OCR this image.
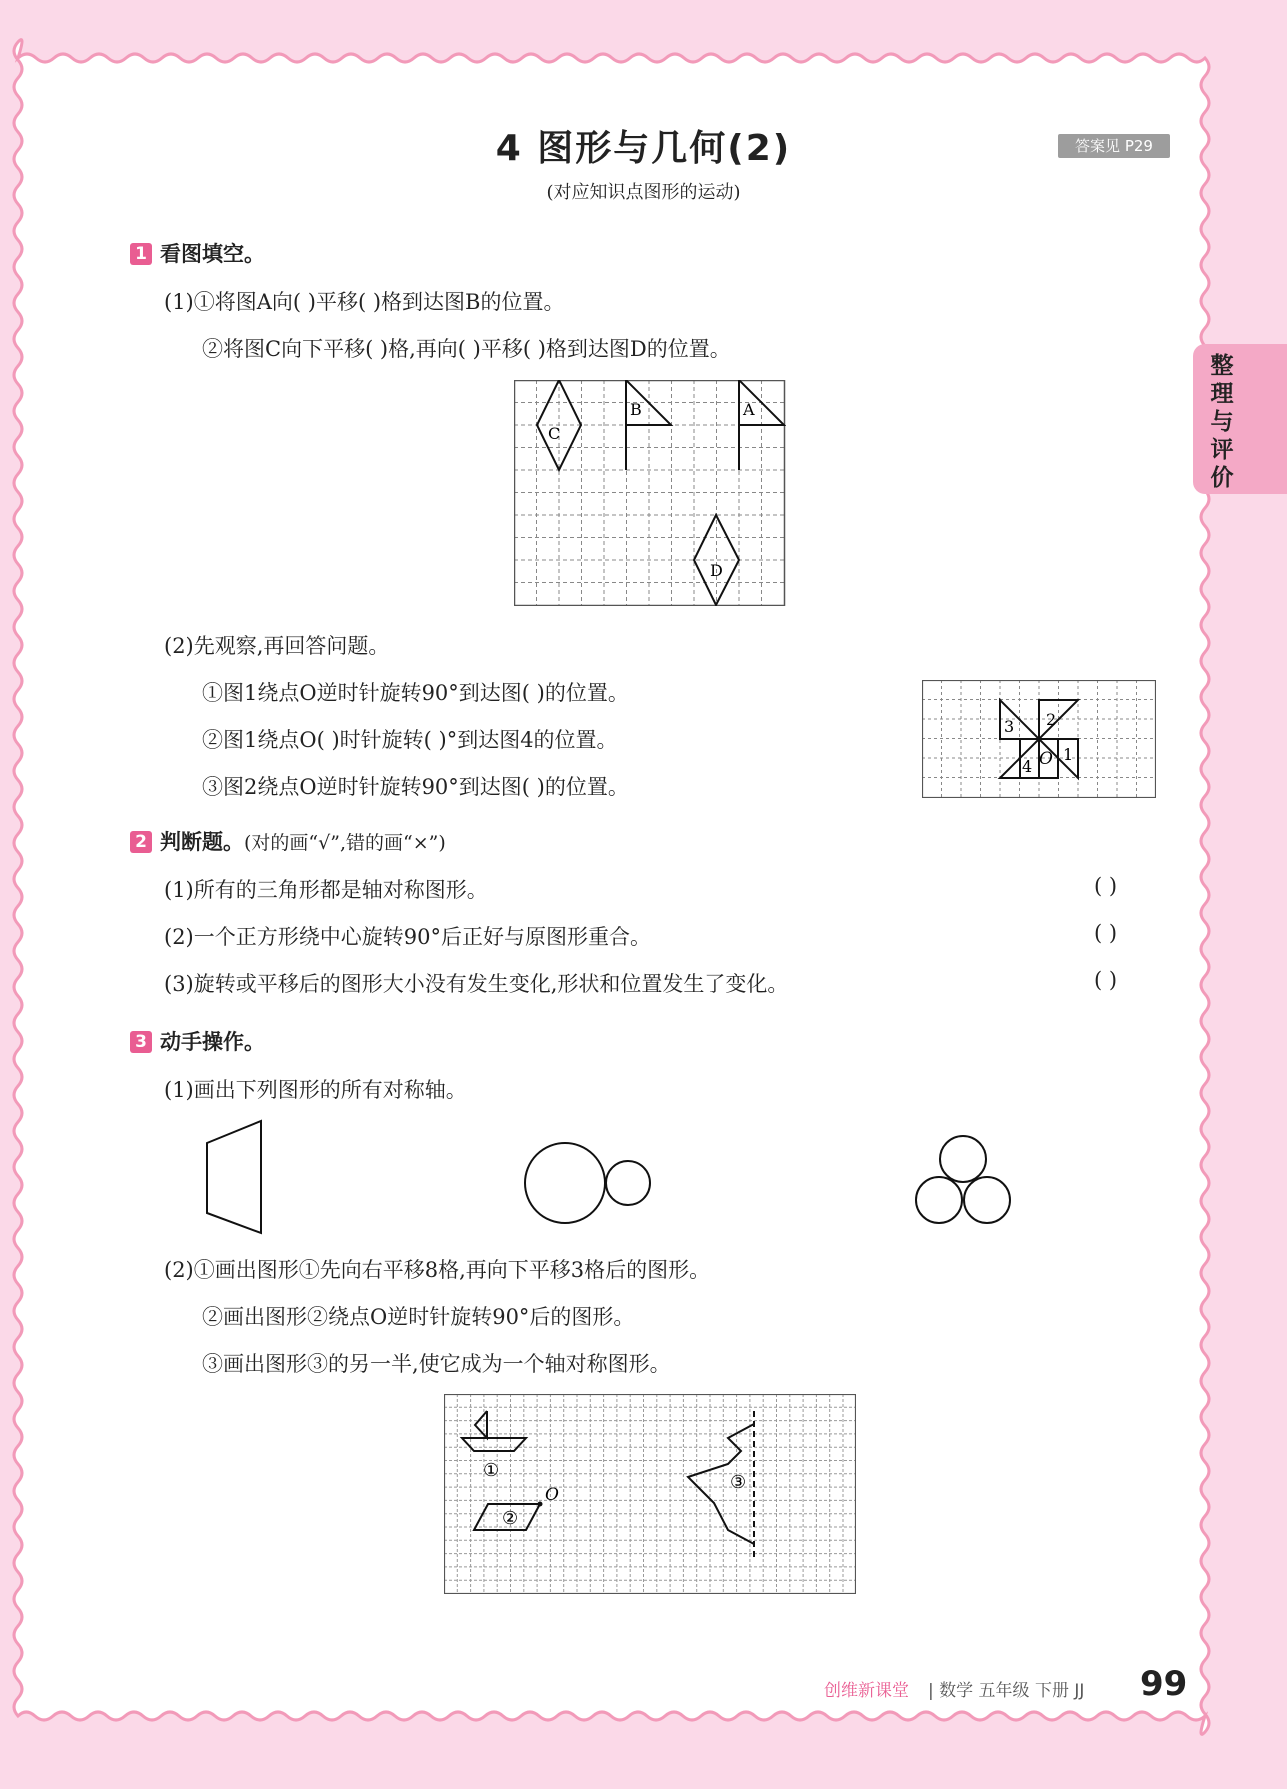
整理与评价
4 图形与几何(2)
(对应知识点图形的运动)
答案见 P29
1 看图填空。
(1)①将图A向( )平移( )格到达图B的位置。
②将图C向下平移( )格,再向( )平移( )格到达图D的位置。
C
B	A
D
(2)先观察,再回答问题。
①图1绕点O逆时针旋转90°到达图( )的位置。
②图1绕点O( )时针旋转( )°到达图4的位置。
③图2绕点O逆时针旋转90°到达图( )的位置。
2
3
4
1
O
2 判断题。(对的画“√”,错的画“×”)
(1)所有的三角形都是轴对称图形。	( )
(2)一个正方形绕中心旋转90°后正好与原图形重合。	( )
(3)旋转或平移后的图形大小没有发生变化,形状和位置发生了变化。	( )
3 动手操作。
(1)画出下列图形的所有对称轴。
(2)①画出图形①先向右平移8格,再向下平移3格后的图形。
②画出图形②绕点O逆时针旋转90°后的图形。
③画出图形③的另一半,使它成为一个轴对称图形。
①
②
③
O
创维新课堂 | 数学 五年级 下册 JJ 99
